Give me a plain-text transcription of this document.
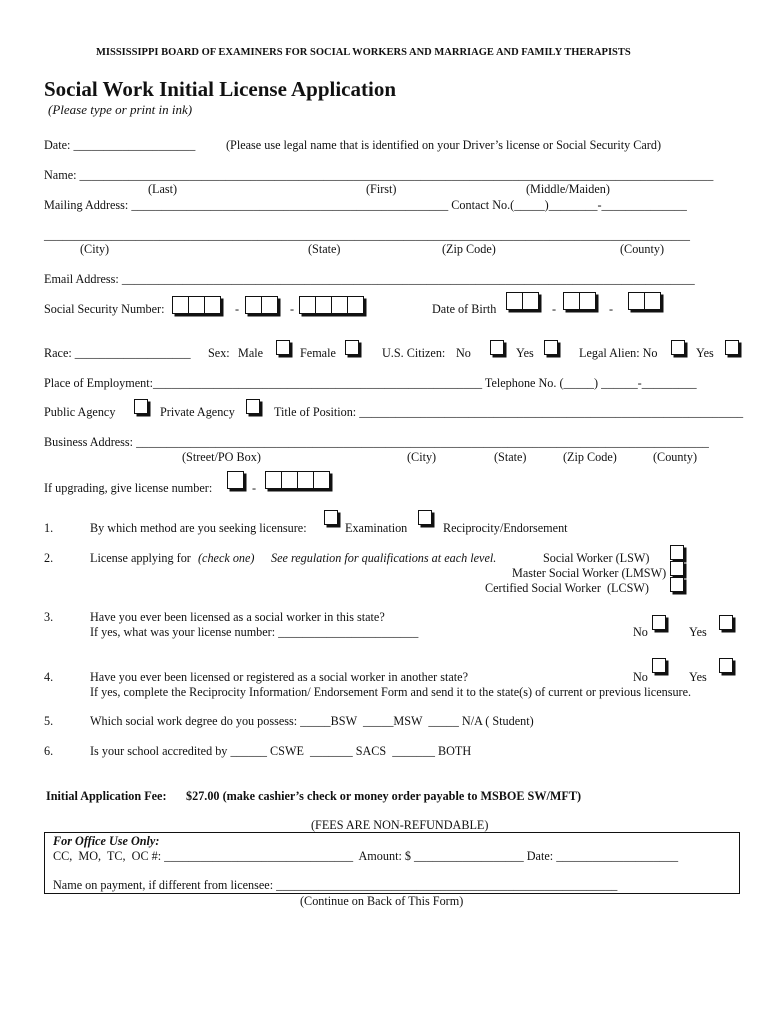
MISSISSIPPI BOARD OF EXAMINERS FOR SOCIAL WORKERS AND MARRIAGE AND FAMILY THERAPISTS
Social Work Initial License Application
(Please type or print in ink)
Date: ____________________	(Please use legal name that is identified on your Driver’s license or Social Security Card)
Name: ________________________________________________________________________________________________________
(Last)	(First)	(Middle/Maiden)
Mailing Address: ____________________________________________________ Contact No.(_____)________-______________
__________________________________________________________________________________________________________
(City)	(State)	(Zip Code)	(County)
Email Address: ______________________________________________________________________________________________
Social Security Number:	-	-	Date of Birth	-	-
Race: ___________________ Sex: Male	Female	U.S. Citizen: No	Yes	Legal Alien: No	Yes
Place of Employment:______________________________________________________ Telephone No. (_____) ______-_________
Public Agency	Private Agency	Title of Position: _______________________________________________________________
Business Address: ______________________________________________________________________________________________
(Street/PO Box)	(City)	(State)	(Zip Code)	(County)
If upgrading, give license number:	-
1.	By which method are you seeking licensure:	Examination	Reciprocity/Endorsement
2.	License applying for (check one) See regulation for qualifications at each level.	Social Worker (LSW)
Master Social Worker (LMSW)
Certified Social Worker  (LCSW)
3.	Have you ever been licensed as a social worker in this state?
If yes, what was your license number: _______________________	No	Yes
4.	Have you ever been licensed or registered as a social worker in another state?	No	Yes
If yes, complete the Reciprocity Information/ Endorsement Form and send it to the state(s) of current or previous licensure.
5.	Which social work degree do you possess: _____BSW  _____MSW  _____ N/A ( Student)
6.	Is your school accredited by ______ CSWE  _______ SACS  _______ BOTH
Initial Application Fee: $27.00 (make cashier’s check or money order payable to MSBOE SW/MFT)
(FEES ARE NON-REFUNDABLE)
For Office Use Only:
CC,  MO,  TC,  OC #: _______________________________  Amount: $ __________________ Date: ____________________
Name on payment, if different from licensee: ________________________________________________________
(Continue on Back of This Form)
